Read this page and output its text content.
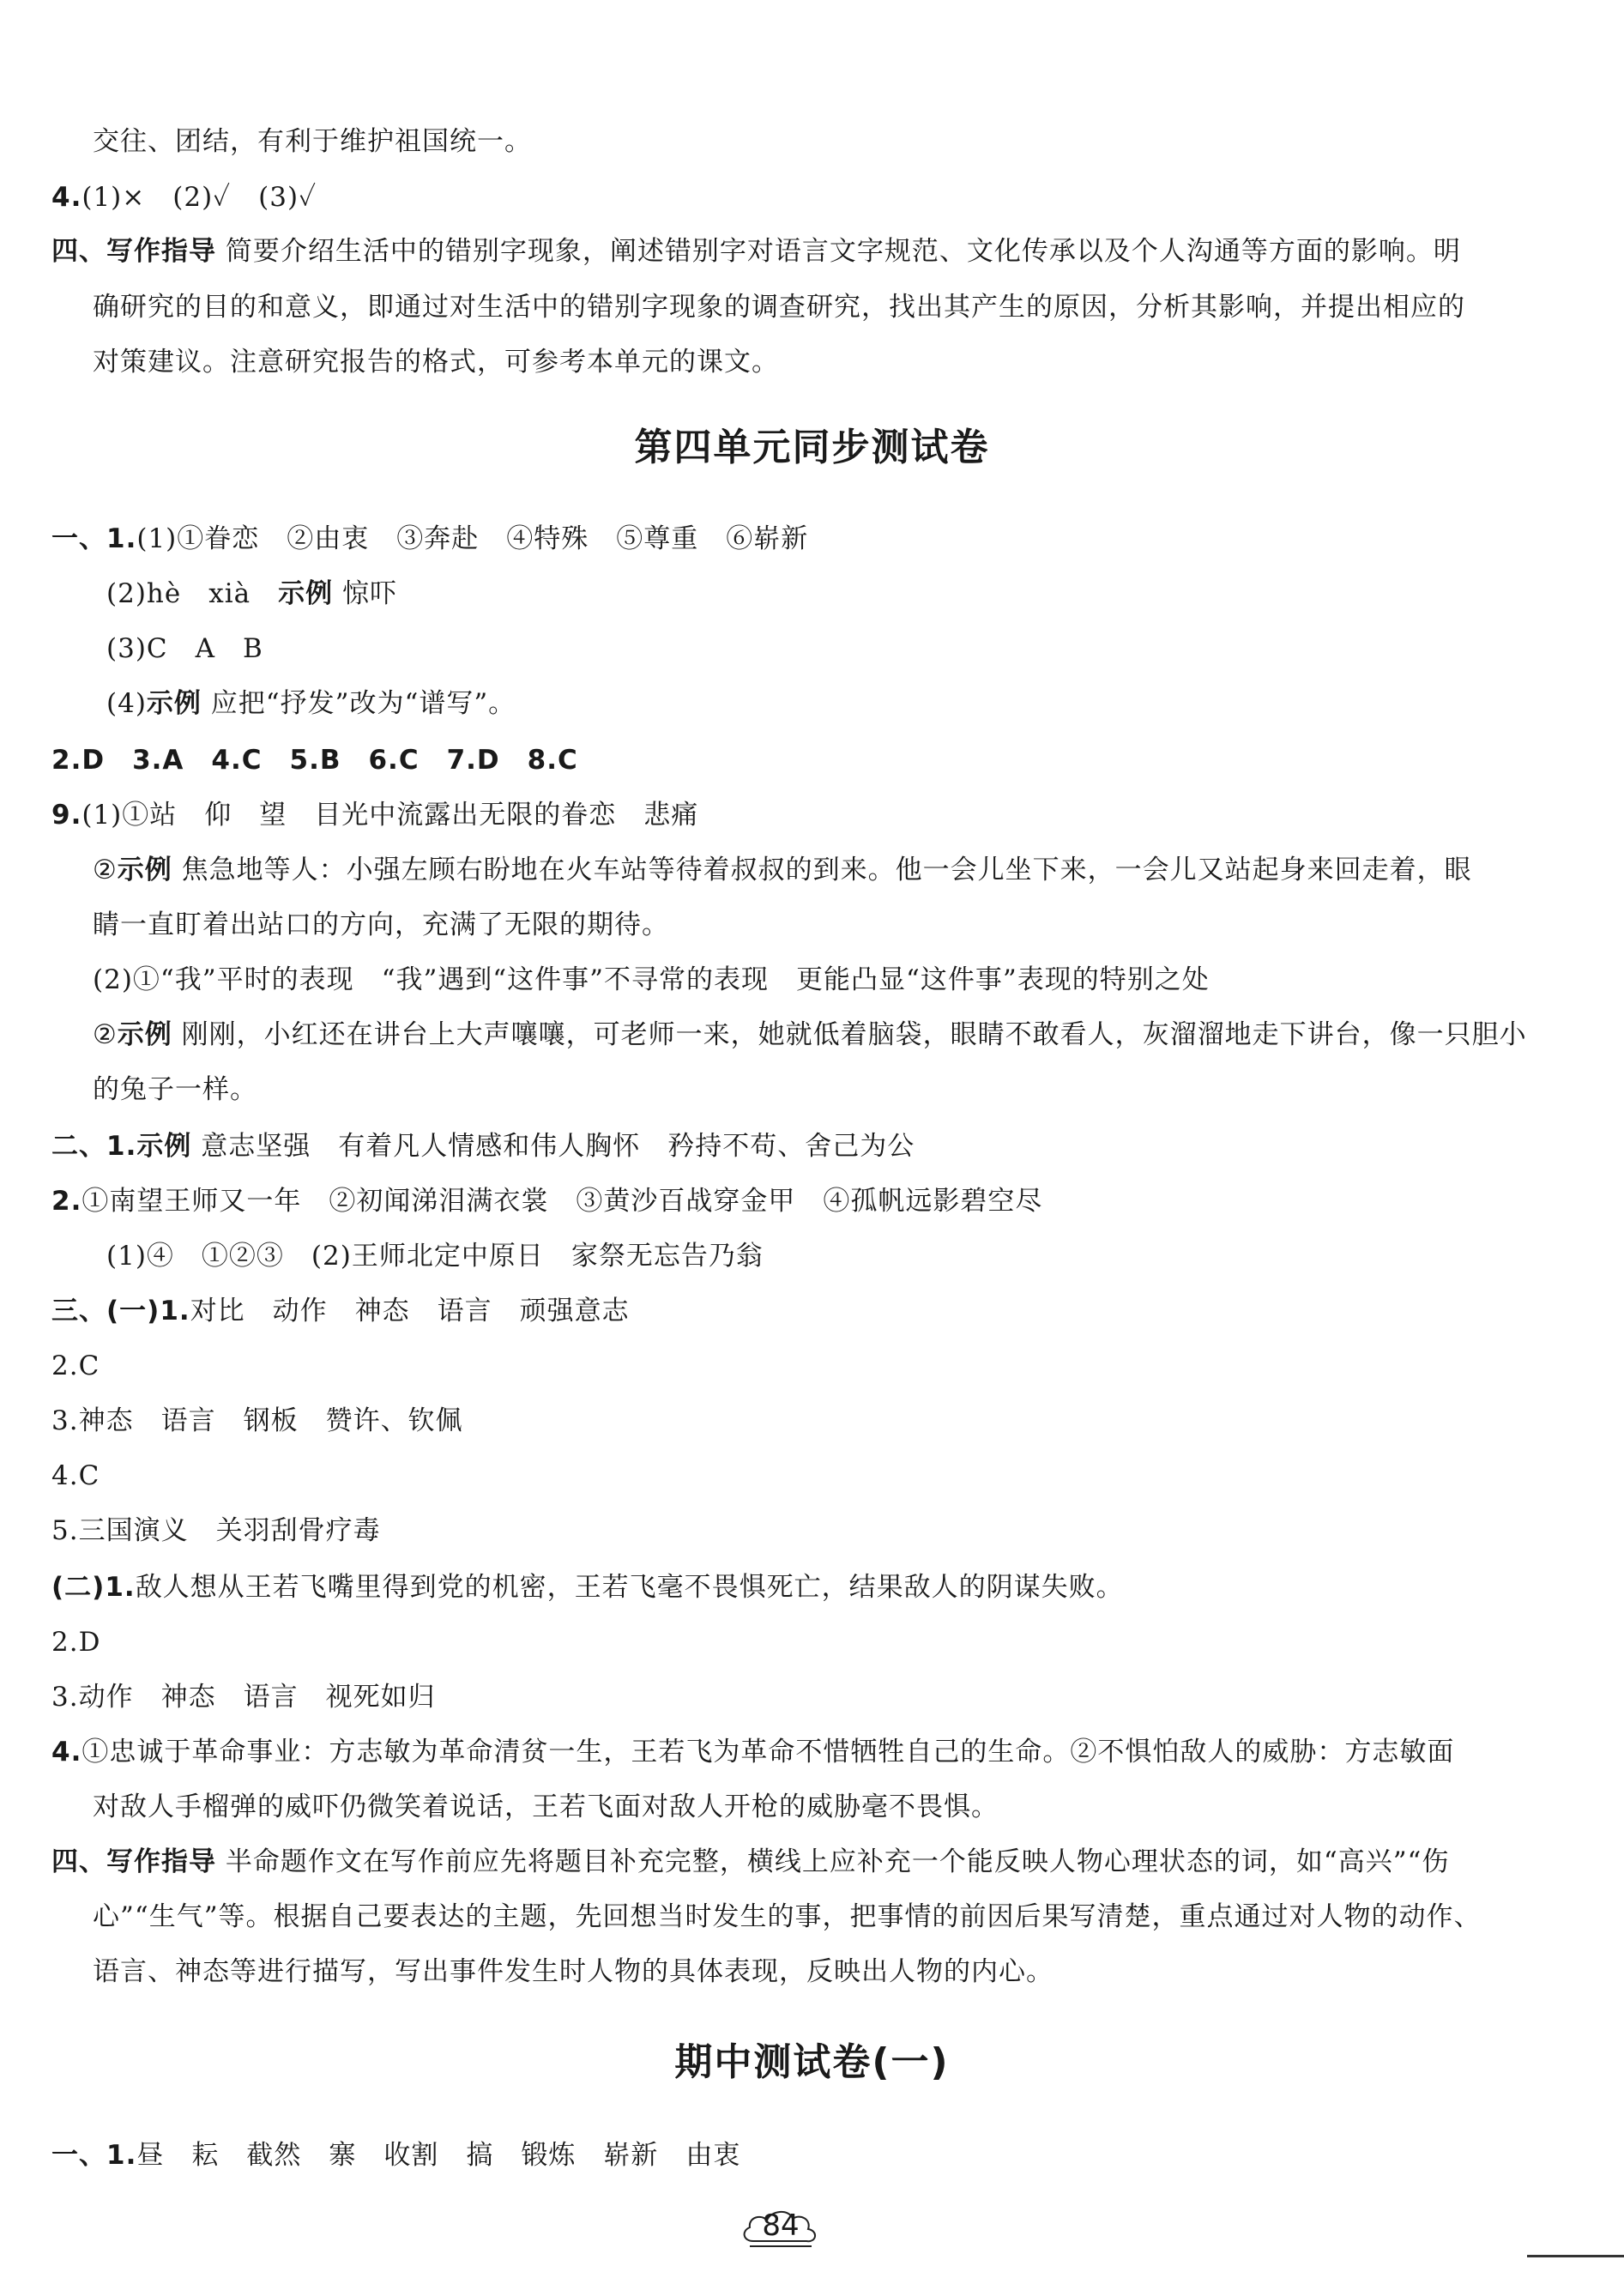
交往、团结，有利于维护祖国统一。
4.(1)×　(2)✓　(3)✓
四、写作指导 简要介绍生活中的错别字现象，阐述错别字对语言文字规范、文化传承以及个人沟通等方面的影响。明
确研究的目的和意义，即通过对生活中的错别字现象的调查研究，找出其产生的原因，分析其影响，并提出相应的
对策建议。注意研究报告的格式，可参考本单元的课文。
第四单元同步测试卷
一、1.(1)①眷恋　②由衷　③奔赴　④特殊　⑤尊重　⑥崭新
(2)hè　xià　示例 惊吓
(3)C　A　B
(4)示例 应把“抒发”改为“谱写”。
2.D　3.A　4.C　5.B　6.C　7.D　8.C
9.(1)①站　仰　望　目光中流露出无限的眷恋　悲痛
②示例 焦急地等人：小强左顾右盼地在火车站等待着叔叔的到来。他一会儿坐下来，一会儿又站起身来回走着，眼
睛一直盯着出站口的方向，充满了无限的期待。
(2)①“我”平时的表现　“我”遇到“这件事”不寻常的表现　更能凸显“这件事”表现的特别之处
②示例 刚刚，小红还在讲台上大声嚷嚷，可老师一来，她就低着脑袋，眼睛不敢看人，灰溜溜地走下讲台，像一只胆小
的兔子一样。
二、1.示例 意志坚强　有着凡人情感和伟人胸怀　矜持不苟、舍己为公
2.①南望王师又一年　②初闻涕泪满衣裳　③黄沙百战穿金甲　④孤帆远影碧空尽
(1)④　①②③　(2)王师北定中原日　家祭无忘告乃翁
三、(一)1.对比　动作　神态　语言　顽强意志
2.C
3.神态　语言　钢板　赞许、钦佩
4.C
5.三国演义　关羽刮骨疗毒
(二)1.敌人想从王若飞嘴里得到党的机密，王若飞毫不畏惧死亡，结果敌人的阴谋失败。
2.D
3.动作　神态　语言　视死如归
4.①忠诚于革命事业：方志敏为革命清贫一生，王若飞为革命不惜牺牲自己的生命。②不惧怕敌人的威胁：方志敏面
对敌人手榴弹的威吓仍微笑着说话，王若飞面对敌人开枪的威胁毫不畏惧。
四、写作指导 半命题作文在写作前应先将题目补充完整，横线上应补充一个能反映人物心理状态的词，如“高兴”“伤
心”“生气”等。根据自己要表达的主题，先回想当时发生的事，把事情的前因后果写清楚，重点通过对人物的动作、
语言、神态等进行描写，写出事件发生时人物的具体表现，反映出人物的内心。
期中测试卷(一)
一、1.昼　耘　截然　寨　收割　搞　锻炼　崭新　由衷
84
